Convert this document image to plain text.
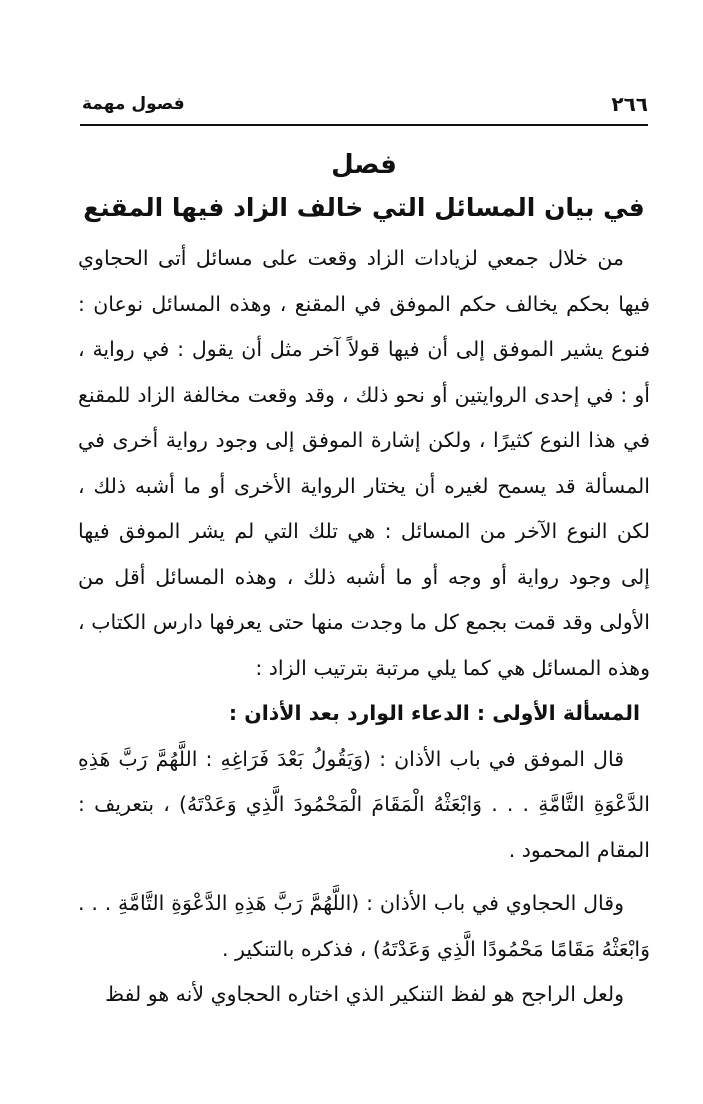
٢٦٦
فصول مهمة
فصل
في بيان المسائل التي خالف الزاد فيها المقنع

من خلال جمعي لزيادات الزاد وقعت على مسائل أتى الحجاوي فيها بحكم يخالف حكم الموفق في المقنع ، وهذه المسائل نوعان : فنوع يشير الموفق إلى أن فيها قولاً آخر مثل أن يقول : في رواية ، أو : في إحدى الروايتين أو نحو ذلك ، وقد وقعت مخالفة الزاد للمقنع في هذا النوع كثيرًا ، ولكن إشارة الموفق إلى وجود رواية أخرى في المسألة قد يسمح لغيره أن يختار الرواية الأخرى أو ما أشبه ذلك ، لكن النوع الآخر من المسائل : هي تلك التي لم يشر الموفق فيها إلى وجود رواية أو وجه أو ما أشبه ذلك ، وهذه المسائل أقل من الأولى وقد قمت بجمع كل ما وجدت منها حتى يعرفها دارس الكتاب ، وهذه المسائل هي كما يلي مرتبة بترتيب الزاد :

المسألة الأولى : الدعاء الوارد بعد الأذان :

قال الموفق في باب الأذان : (وَيَقُولُ بَعْدَ فَرَاغِهِ : اللَّهُمَّ رَبَّ هَذِهِ الدَّعْوَةِ التَّامَّةِ . . . وَابْعَثْهُ الْمَقَامَ الْمَحْمُودَ الَّذِي وَعَدْتَهُ) ، بتعريف : المقام المحمود .

وقال الحجاوي في باب الأذان : (اللَّهُمَّ رَبَّ هَذِهِ الدَّعْوَةِ التَّامَّةِ . . . وَابْعَثْهُ مَقَامًا مَحْمُودًا الَّذِي وَعَدْتَهُ) ، فذكره بالتنكير .

ولعل الراجح هو لفظ التنكير الذي اختاره الحجاوي لأنه هو لفظ
